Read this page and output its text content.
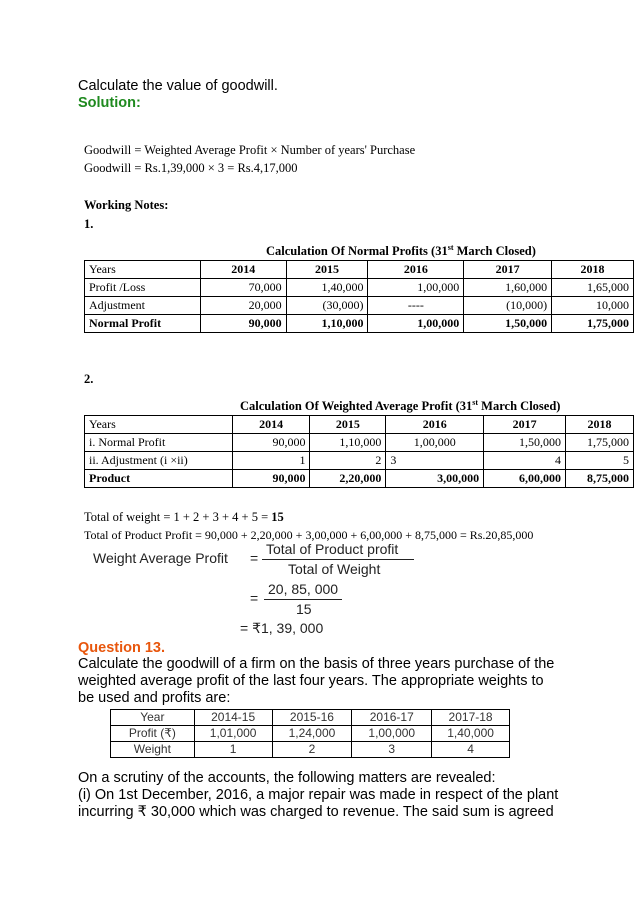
Calculate the value of goodwill.
Solution:
Goodwill = Weighted Average Profit × Number of years' Purchase
Goodwill = Rs.1,39,000 × 3 = Rs.4,17,000
Working Notes:
1.
Calculation Of Normal Profits (31st March Closed)
Years	2014	2015	2016	2017	2018
Profit /Loss	70,000	1,40,000	1,00,000	1,60,000	1,65,000
Adjustment	20,000	(30,000)	----	(10,000)	10,000
Normal Profit	90,000	1,10,000	1,00,000	1,50,000	1,75,000
2.
Calculation Of Weighted Average Profit (31st March Closed)
Years	2014	2015	2016	2017	2018
i. Normal Profit	90,000	1,10,000	1,00,000	1,50,000	1,75,000
ii. Adjustment (i ×ii)	1	2	3	4	5
Product	90,000	2,20,000	3,00,000	6,00,000	8,75,000
Total of weight = 1 + 2 + 3 + 4 + 5 = 15
Total of Product Profit = 90,000 + 2,20,000 + 3,00,000 + 6,00,000 + 8,75,000 = Rs.20,85,000
Weight Average Profit =
Total of Product profit
Total of Weight
=
20, 85, 000
15
= ₹1, 39, 000
Question 13.
Calculate the goodwill of a firm on the basis of three years purchase of the
weighted average profit of the last four years. The appropriate weights to
be used and profits are:
Year	2014-15	2015-16	2016-17	2017-18
Profit (₹)	1,01,000	1,24,000	1,00,000	1,40,000
Weight	1	2	3	4
On a scrutiny of the accounts, the following matters are revealed:
(i) On 1st December, 2016, a major repair was made in respect of the plant
incurring ₹ 30,000 which was charged to revenue. The said sum is agreed
